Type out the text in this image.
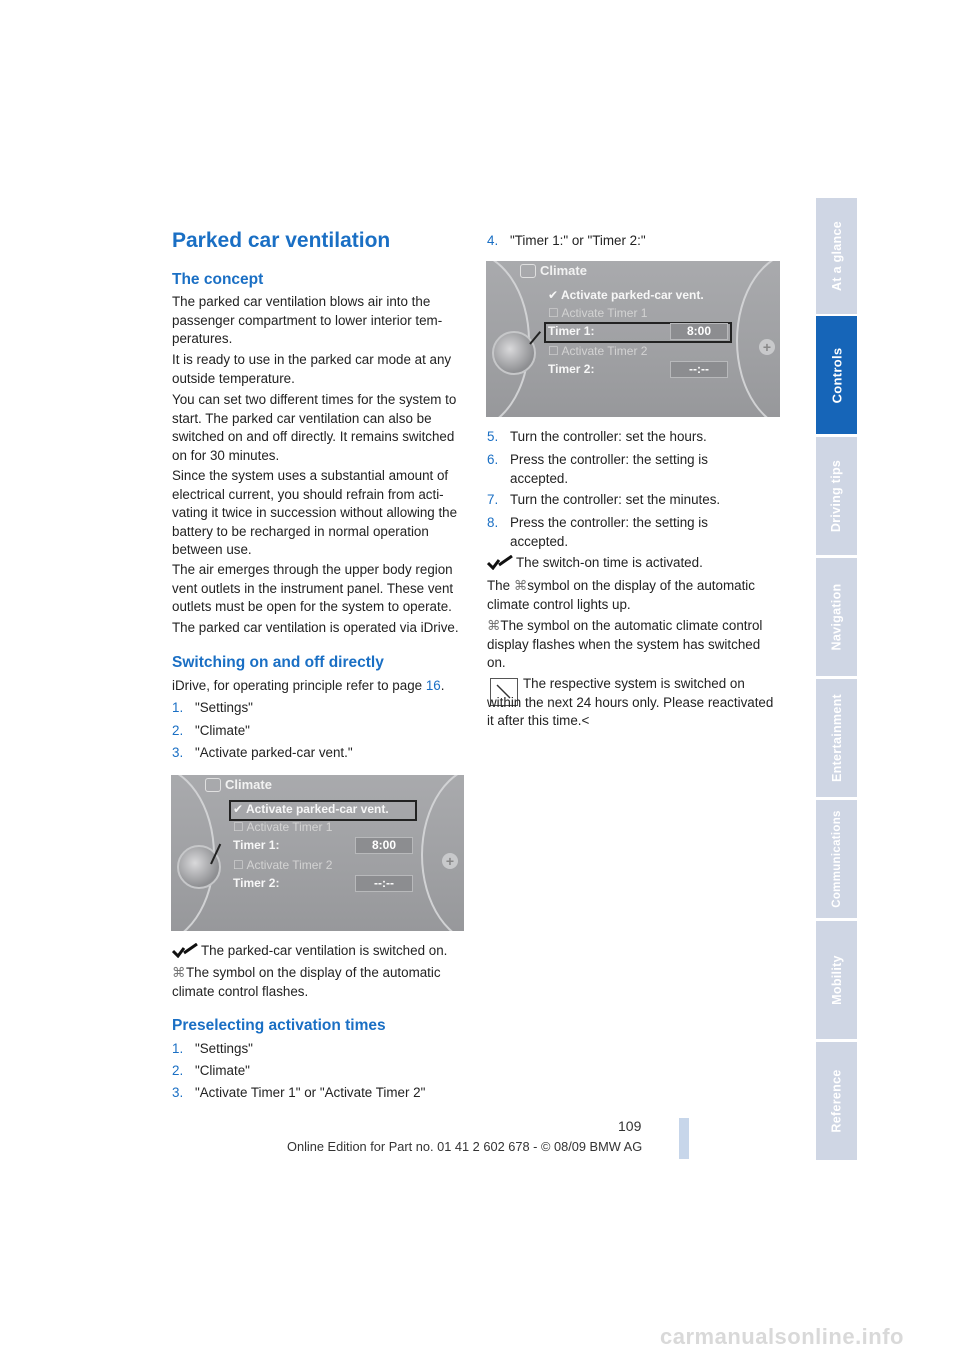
At a glance
Controls
Driving tips
Navigation
Entertainment
Communications
Mobility
Reference
Parked car ventilation
The concept
The parked car ventilation blows air into the passenger compartment to lower interior tem-peratures.
It is ready to use in the parked car mode at any outside temperature.
You can set two different times for the system to start. The parked car ventilation can also be switched on and off directly. It remains switched on for 30 minutes.
Since the system uses a substantial amount of electrical current, you should refrain from acti-vating it twice in succession without allowing the battery to be recharged in normal operation between use.
The air emerges through the upper body region vent outlets in the instrument panel. These vent outlets must be open for the system to operate.
The parked car ventilation is operated via iDrive.
Switching on and off directly
iDrive, for operating principle refer to page 16.
1. "Settings"
2. "Climate"
3. "Activate parked-car vent."
Climate
✔ Activate parked-car vent.
☐ Activate Timer 1
Timer 1:	8:00
☐ Activate Timer 2
Timer 2:	--:--
+
The parked-car ventilation is switched on.
⌘The symbol on the display of the automatic climate control flashes.
Preselecting activation times
1. "Settings"
2. "Climate"
3. "Activate Timer 1" or "Activate Timer 2"
4. "Timer 1:" or "Timer 2:"
Climate
✔ Activate parked-car vent.
☐ Activate Timer 1
Timer 1:	8:00
☐ Activate Timer 2
Timer 2:	--:--
+
5. Turn the controller: set the hours.
6. Press the controller: the setting is accepted.
7. Turn the controller: set the minutes.
8. Press the controller: the setting is accepted.
The switch-on time is activated.
The ⌘symbol on the display of the automatic climate control lights up.
⌘The symbol on the automatic climate control display flashes when the system has switched on.
The respective system is switched on within the next 24 hours only. Please reactivated it after this time.<
109
Online Edition for Part no. 01 41 2 602 678 - © 08/09 BMW AG
carmanualsonline.info
